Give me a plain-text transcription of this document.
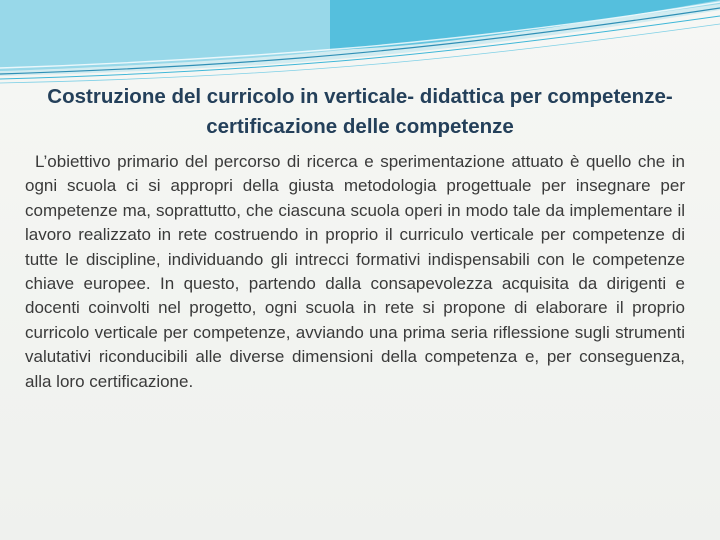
Costruzione del curricolo in verticale- didattica per competenze- certificazione delle competenze
L’obiettivo primario del percorso di ricerca e sperimentazione attuato è quello che in ogni scuola ci si appropri della giusta metodologia progettuale per insegnare per competenze ma, soprattutto, che ciascuna scuola operi in modo tale da implementare il lavoro realizzato in rete costruendo in proprio il curriculo verticale per competenze di tutte le discipline, individuando gli intrecci formativi indispensabili con le competenze chiave europee. In questo, partendo dalla consapevolezza acquisita da dirigenti e docenti coinvolti nel progetto, ogni scuola in rete si propone di elaborare il proprio curricolo verticale per competenze, avviando una prima seria riflessione sugli strumenti valutativi riconducibili alle diverse dimensioni della competenza e, per conseguenza, alla loro certificazione.
